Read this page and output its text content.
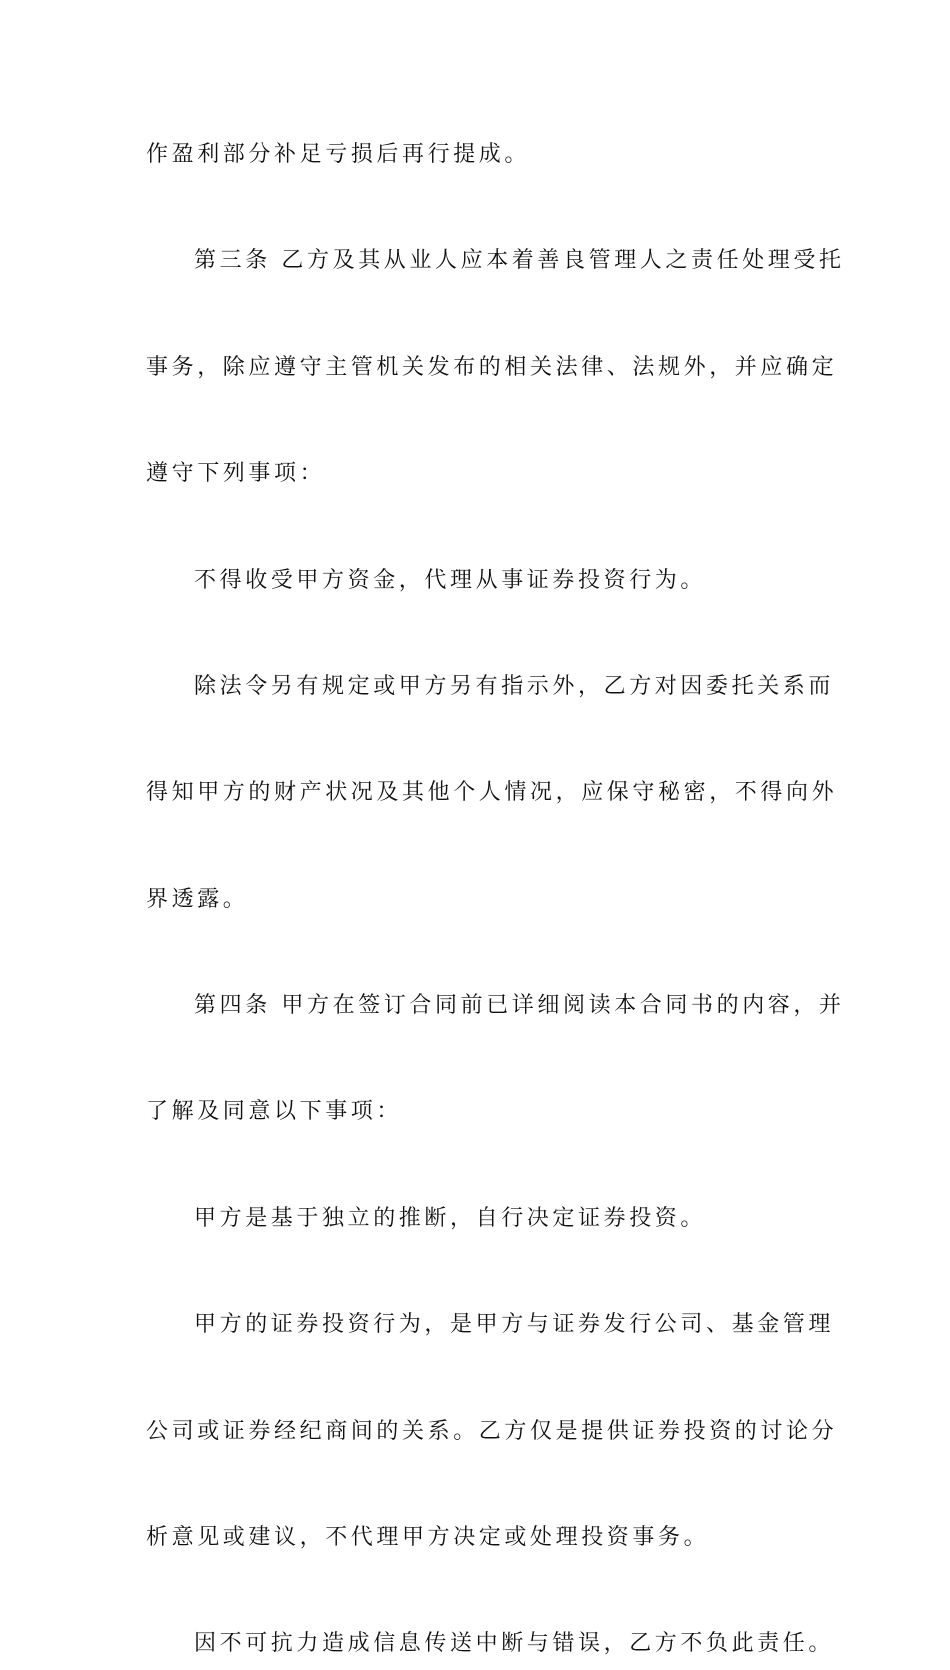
作盈利部分补足亏损后再行提成。
第三条 乙方及其从业人应本着善良管理人之责任处理受托
事务，除应遵守主管机关发布的相关法律、法规外，并应确定
遵守下列事项：
不得收受甲方资金，代理从事证券投资行为。
除法令另有规定或甲方另有指示外，乙方对因委托关系而
得知甲方的财产状况及其他个人情况，应保守秘密，不得向外
界透露。
第四条 甲方在签订合同前已详细阅读本合同书的内容，并
了解及同意以下事项：
甲方是基于独立的推断，自行决定证券投资。
甲方的证券投资行为，是甲方与证券发行公司、基金管理
公司或证券经纪商间的关系。乙方仅是提供证券投资的讨论分
析意见或建议，不代理甲方决定或处理投资事务。
因不可抗力造成信息传送中断与错误，乙方不负此责任。
